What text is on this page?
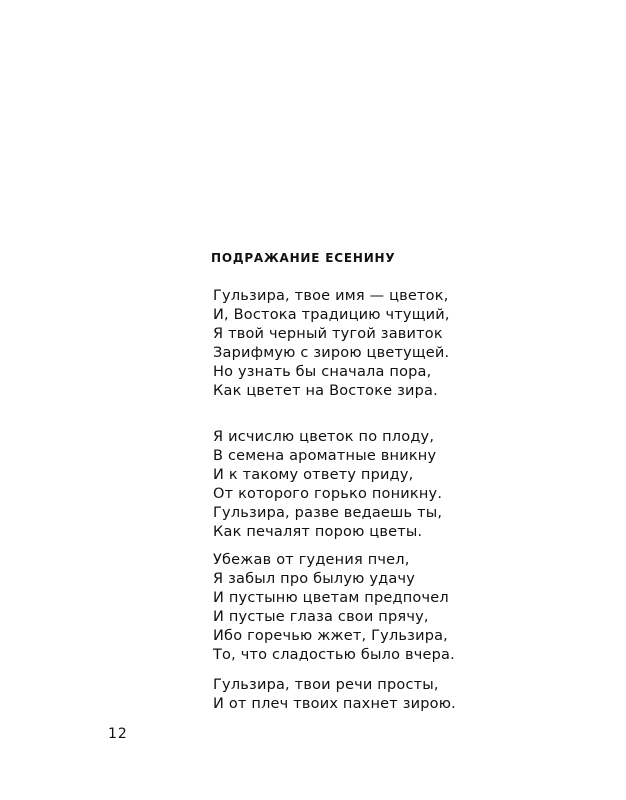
ПОДРАЖАНИЕ ЕСЕНИНУ
Гульзира, твое имя — цветок,
И, Востока традицию чтущий,
Я твой черный тугой завиток
Зарифмую с зирою цветущей.
Но узнать бы сначала пора,
Как цветет на Востоке зира.
Я исчислю цветок по плоду,
В семена ароматные вникну
И к такому ответу приду,
От которого горько поникну.
Гульзира, разве ведаешь ты,
Как печалят порою цветы.
Убежав от гудения пчел,
Я забыл про былую удачу
И пустыню цветам предпочел
И пустые глаза свои прячу,
Ибо горечью жжет, Гульзира,
То, что сладостью было вчера.
Гульзира, твои речи просты,
И от плеч твоих пахнет зирою.
12
